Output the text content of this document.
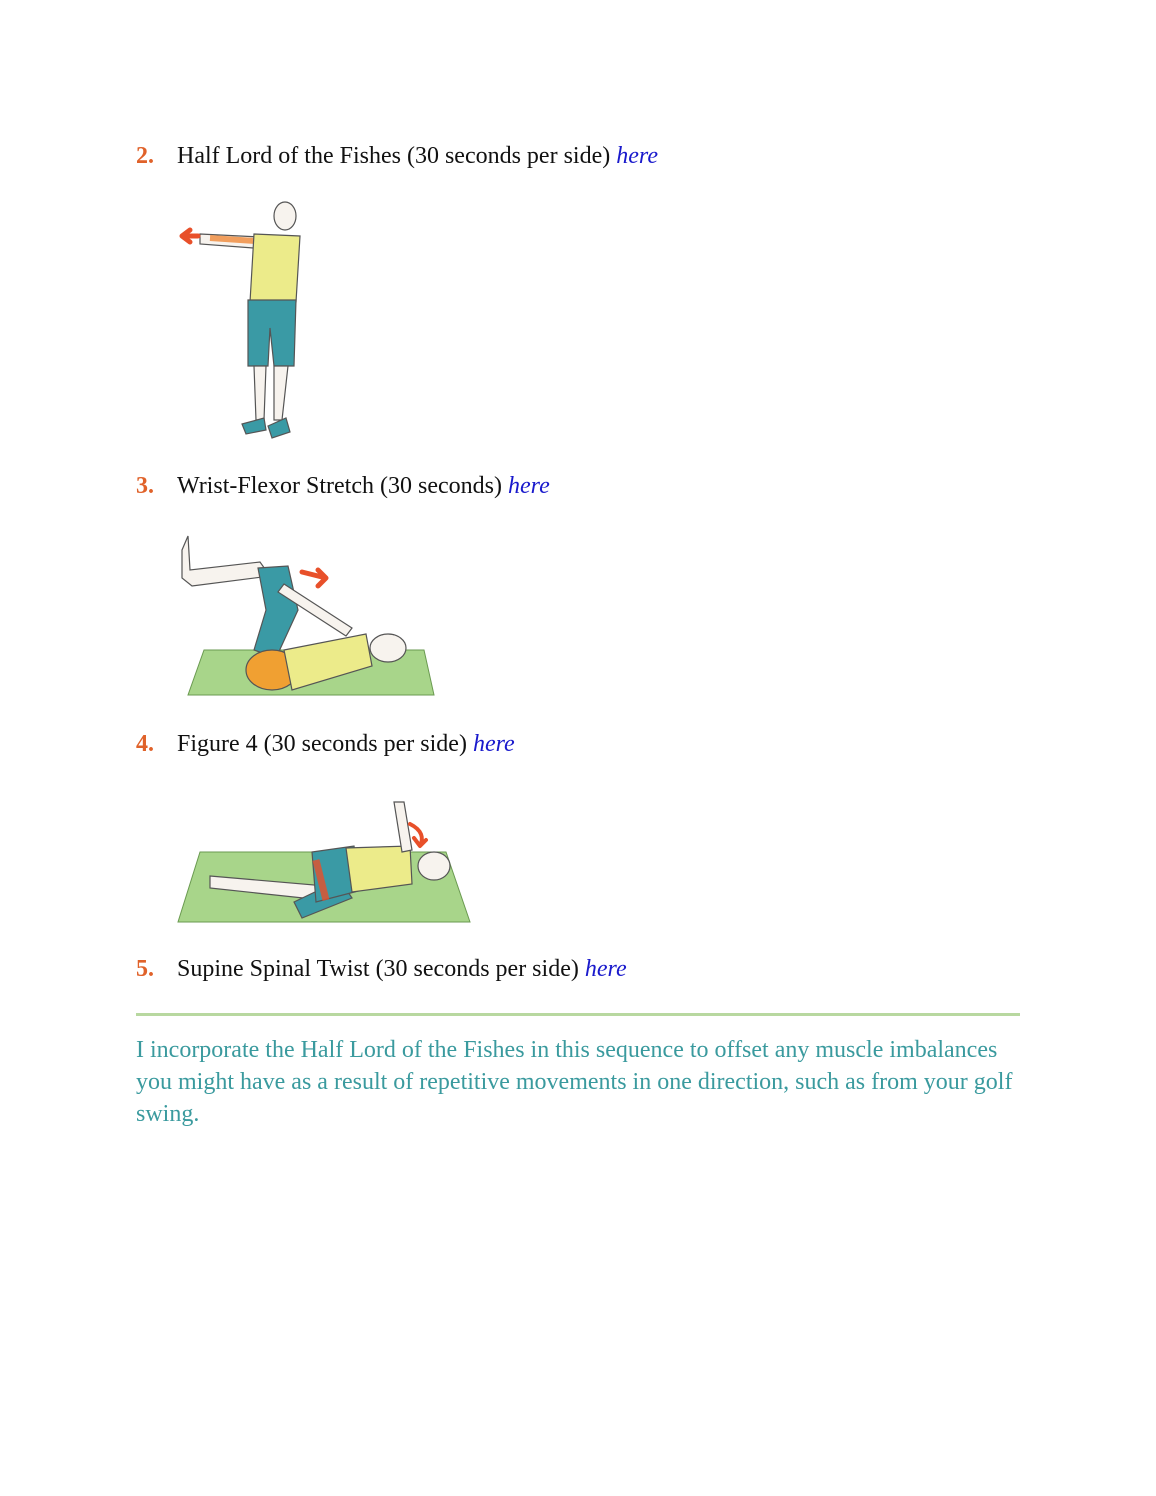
2. Half Lord of the Fishes (30 seconds per side) here
3. Wrist-Flexor Stretch (30 seconds) here
4. Figure 4 (30 seconds per side) here
5. Supine Spinal Twist (30 seconds per side) here
I incorporate the Half Lord of the Fishes in this sequence to offset any muscle imbalances you might have as a result of repetitive movements in one direction, such as from your golf swing.
